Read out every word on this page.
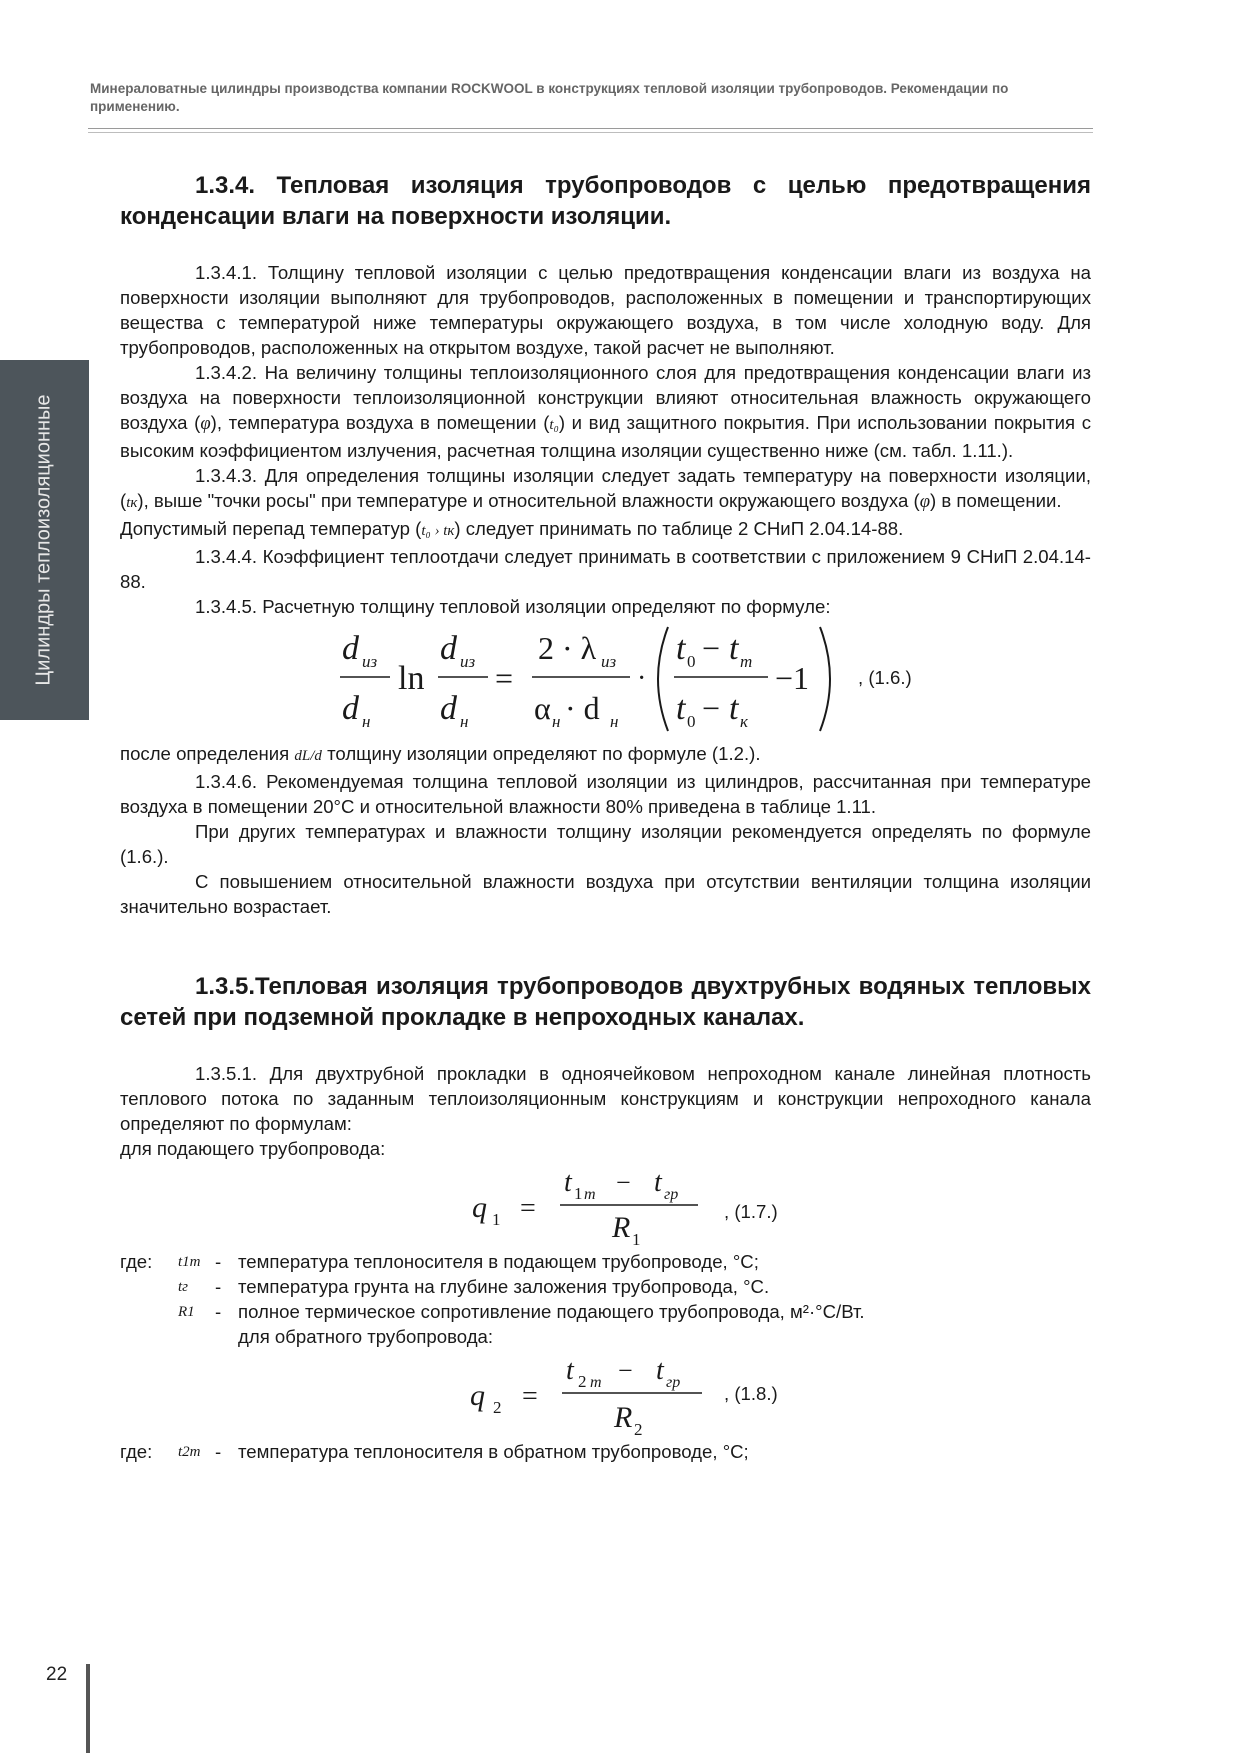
Минераловатные цилиндры производства компании ROCKWOOL в конструкциях тепловой изоляции трубопроводов. Рекомендации по применению.
Цилиндры теплоизоляционные
22
1.3.4. Тепловая изоляция трубопроводов с целью предотвращения конденсации влаги на поверхности изоляции.

1.3.4.1. Толщину тепловой изоляции с целью предотвращения конденсации влаги из воздуха на поверхности изоляции выполняют для трубопроводов, расположенных в помещении и транспортирующих вещества с температурой ниже температуры окружающего воздуха, в том числе холодную воду. Для трубопроводов, расположенных на открытом воздухе, такой расчет не выполняют.

1.3.4.2. На величину толщины теплоизоляционного слоя для предотвращения конденсации влаги из воздуха на поверхности теплоизоляционной конструкции влияют относительная влажность окружающего воздуха (φ), температура воздуха в помещении (t₀) и вид защитного покрытия. При использовании покрытия с высоким коэффициентом излучения, расчетная толщина изоляции существенно ниже (см. табл. 1.11.).

1.3.4.3. Для определения толщины изоляции следует задать температуру на поверхности изоляции, (tк), выше "точки росы" при температуре и относительной влажности окружающего воздуха (φ) в помещении.

Допустимый перепад температур (t₀ › tк) следует принимать по таблице 2 СНиП 2.04.14-88.

1.3.4.4. Коэффициент теплоотдачи следует принимать в соответствии с приложением 9 СНиП 2.04.14-88.

1.3.4.5. Расчетную толщину тепловой изоляции определяют по формуле:

d из
d н
ln
d из
d н
=
2 · λ из
α н · d н
·
t 0 − t m
t 0 − t к
−1	, (1.6.)

после определения dL/d толщину изоляции определяют по формуле (1.2.).

1.3.4.6. Рекомендуемая толщина тепловой изоляции из цилиндров, рассчитанная при температуре воздуха в помещении 20°С и относительной влажности 80% приведена в таблице 1.11.

При других температурах и влажности толщину изоляции рекомендуется определять по формуле (1.6.).

С повышением относительной влажности воздуха при отсутствии вентиляции толщина изоляции значительно возрастает.

1.3.5.Тепловая изоляция трубопроводов двухтрубных водяных тепловых сетей при подземной прокладке в непроходных каналах.

1.3.5.1. Для двухтрубной прокладки в одноячейковом непроходном канале линейная плотность теплового потока по заданным теплоизоляционным конструкциям и конструкции непроходного канала определяют по формулам:

для подающего трубопровода:

q 1 =
t 1 m − t гр
R 1
, (1.7.)
где: t1m - температура теплоносителя в подающем трубопроводе, °С;
tг - температура грунта на глубине заложения трубопровода, °С.
R1 - полное термическое сопротивление подающего трубопровода, м²·°С/Вт.
для обратного трубопровода:
q 2 =
t 2 m − t гр
R 2
, (1.8.)
где: t2m - температура теплоносителя в обратном трубопроводе, °С;
